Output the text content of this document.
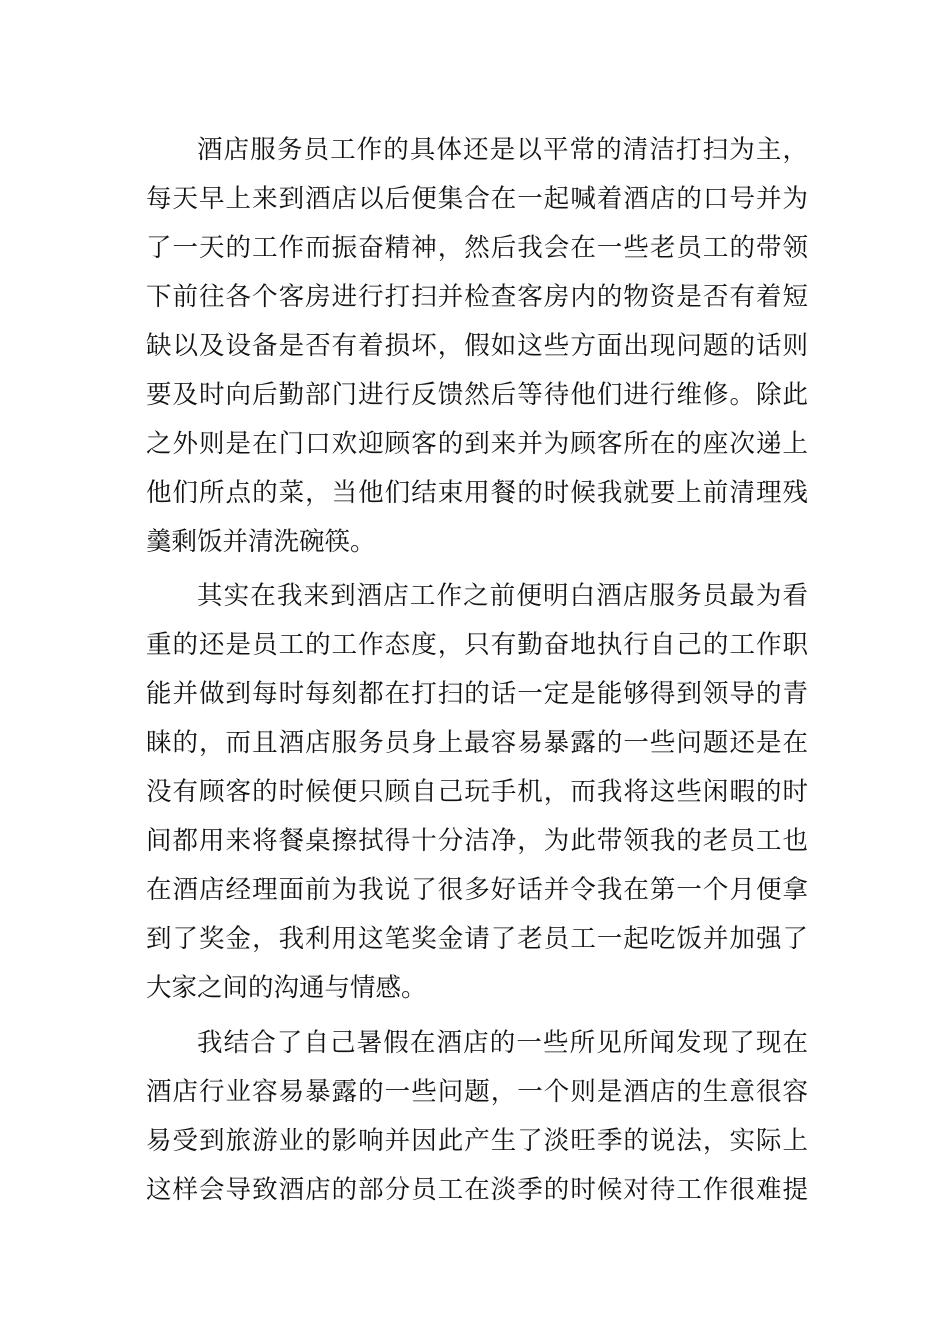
酒店服务员工作的具体还是以平常的清洁打扫为主，
每天早上来到酒店以后便集合在一起喊着酒店的口号并为
了一天的工作而振奋精神，然后我会在一些老员工的带领
下前往各个客房进行打扫并检查客房内的物资是否有着短
缺以及设备是否有着损坏，假如这些方面出现问题的话则
要及时向后勤部门进行反馈然后等待他们进行维修。除此
之外则是在门口欢迎顾客的到来并为顾客所在的座次递上
他们所点的菜，当他们结束用餐的时候我就要上前清理残
羹剩饭并清洗碗筷。
其实在我来到酒店工作之前便明白酒店服务员最为看
重的还是员工的工作态度，只有勤奋地执行自己的工作职
能并做到每时每刻都在打扫的话一定是能够得到领导的青
睐的，而且酒店服务员身上最容易暴露的一些问题还是在
没有顾客的时候便只顾自己玩手机，而我将这些闲暇的时
间都用来将餐桌擦拭得十分洁净，为此带领我的老员工也
在酒店经理面前为我说了很多好话并令我在第一个月便拿
到了奖金，我利用这笔奖金请了老员工一起吃饭并加强了
大家之间的沟通与情感。
我结合了自己暑假在酒店的一些所见所闻发现了现在
酒店行业容易暴露的一些问题，一个则是酒店的生意很容
易受到旅游业的影响并因此产生了淡旺季的说法，实际上
这样会导致酒店的部分员工在淡季的时候对待工作很难提
